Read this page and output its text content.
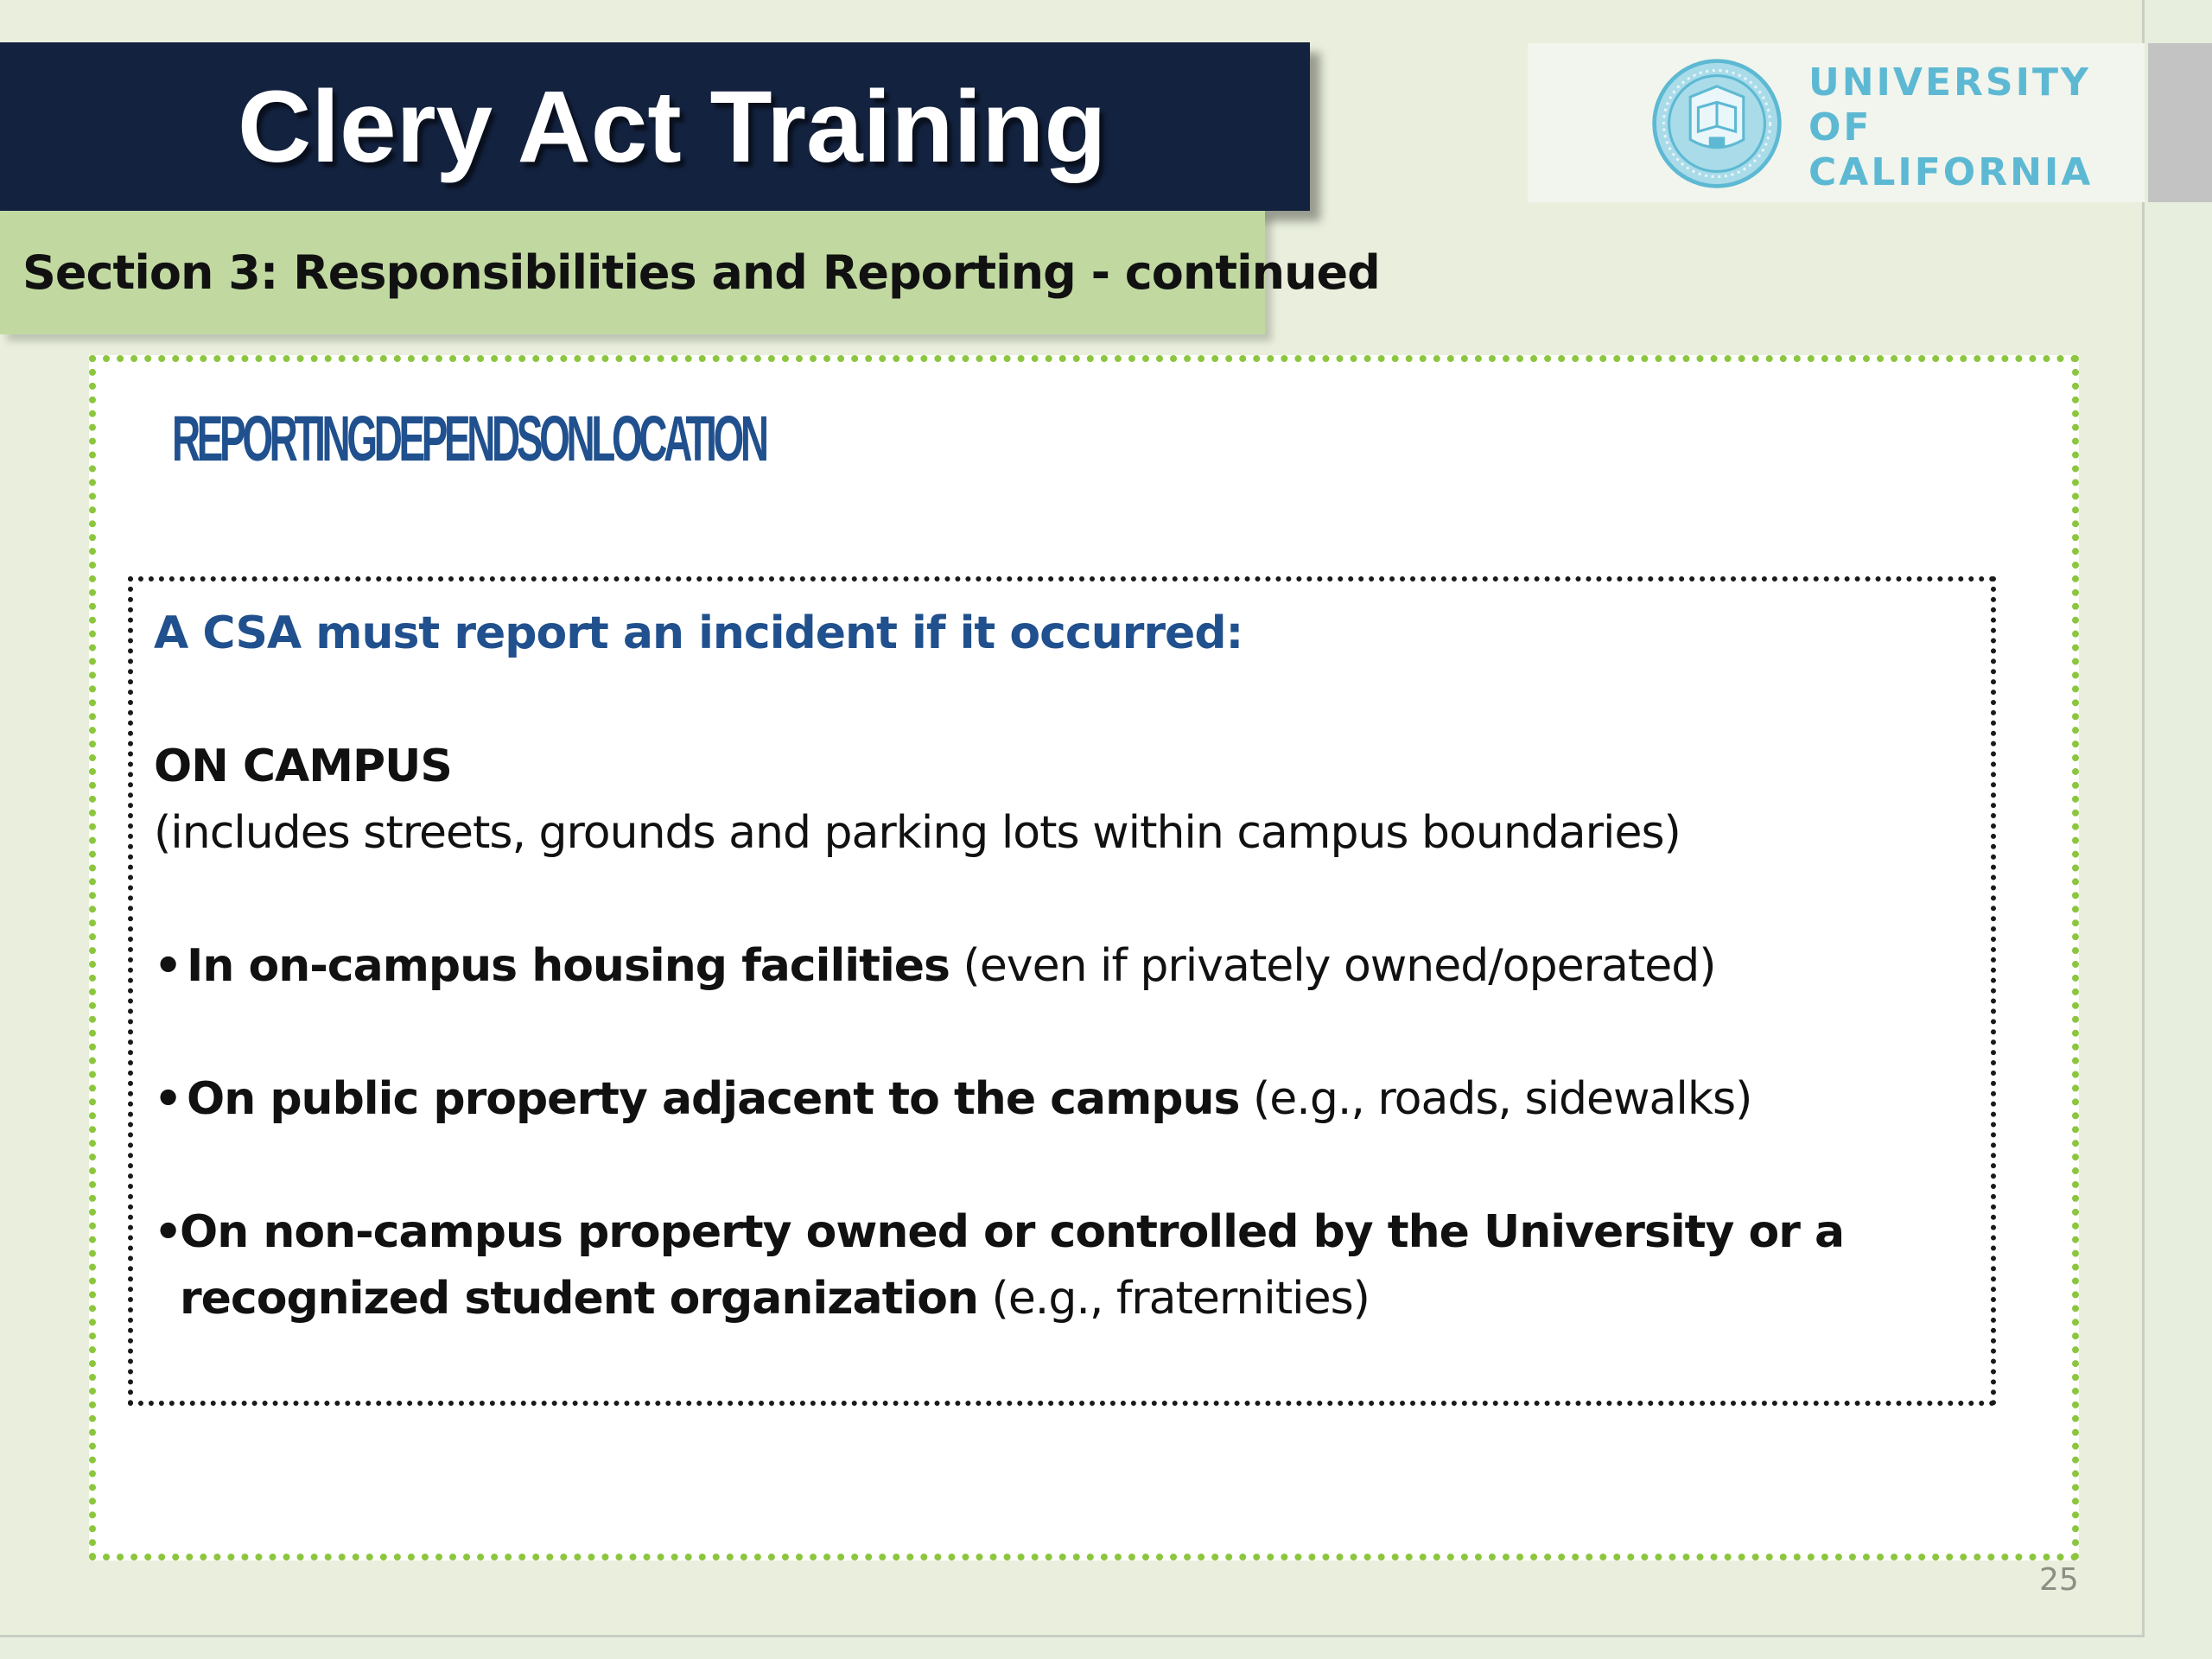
Clery Act Training
Section 3: Responsibilities and Reporting - continued
UNIVERSITY
OF
CALIFORNIA
REPORTINGDEPENDSONLOCATION
A CSA must report an incident if it occurred:
ON CAMPUS
(includes streets, grounds and parking lots within campus boundaries)
• In on-campus housing facilities (even if privately owned/operated)
• On public property adjacent to the campus (e.g., roads, sidewalks)
•
On non-campus property owned or controlled by the University or a recognized student organization (e.g., fraternities)
25
